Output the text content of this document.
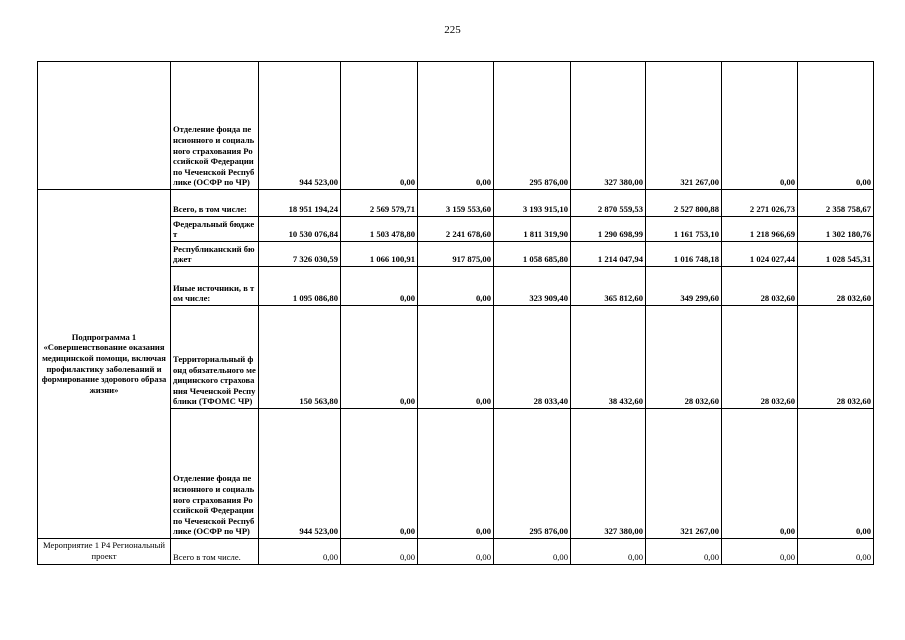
225
	Отделение фонда пенсионного и социального страхования Российской Федерации по Чеченской Республике (ОСФР по ЧР)	944 523,00	0,00	0,00	295 876,00	327 380,00	321 267,00	0,00	0,00
Подпрограмма 1 «Совершенствование оказания медицинской помощи, включая профилактику заболеваний и формирование здорового образа жизни»	Всего, в том числе:	18 951 194,24	2 569 579,71	3 159 553,60	3 193 915,10	2 870 559,53	2 527 800,88	2 271 026,73	2 358 758,67
	Федеральный бюджет	10 530 076,84	1 503 478,80	2 241 678,60	1 811 319,90	1 290 698,99	1 161 753,10	1 218 966,69	1 302 180,76
	Республиканский бюджет	7 326 030,59	1 066 100,91	917 875,00	1 058 685,80	1 214 047,94	1 016 748,18	1 024 027,44	1 028 545,31
	Иные источники, в том числе:	1 095 086,80	0,00	0,00	323 909,40	365 812,60	349 299,60	28 032,60	28 032,60
	Территориальный фонд обязательного медицинского страхования Чеченской Республики (ТФОМС ЧР)	150 563,80	0,00	0,00	28 033,40	38 432,60	28 032,60	28 032,60	28 032,60
	Отделение фонда пенсионного и социального страхования Российской Федерации по Чеченской Республике (ОСФР по ЧР)	944 523,00	0,00	0,00	295 876,00	327 380,00	321 267,00	0,00	0,00
Мероприятие 1 Р4 Региональный проект	Всего в том числе.	0,00	0,00	0,00	0,00	0,00	0,00	0,00	0,00
